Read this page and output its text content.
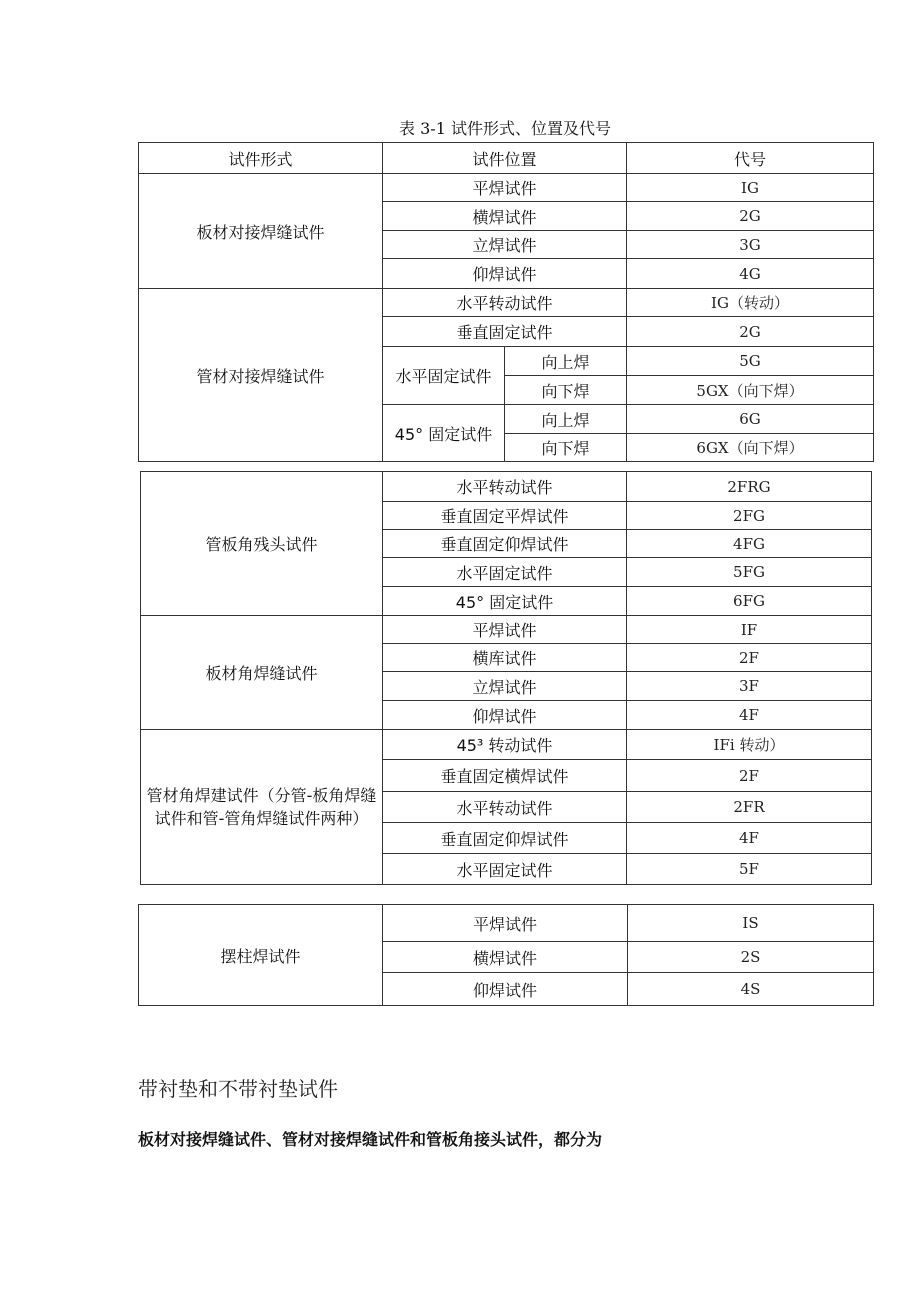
表 3-1 试件形式、位置及代号
试件形式	试件位置		代号
板材对接焊缝试件	平焊试件		IG
	横焊试件		2G
	立焊试件		3G
	仰焊试件		4G
管材对接焊缝试件	水平转动试件		IG（转动）
	垂直固定试件		2G
	水平固定试件	向上焊	5G
		向下焊	5GX（向下焊）
	45° 固定试件	向上焊	6G
		向下焊	6GX（向下焊）
管板角残头试件	水平转动试件	2FRG
	垂直固定平焊试件	2FG
	垂直固定仰焊试件	4FG
	水平固定试件	5FG
	45° 固定试件	6FG
板材角焊缝试件	平焊试件	IF
	横库试件	2F
	立焊试件	3F
	仰焊试件	4F
管材角焊建试件（分管-板角焊缝试件和管-管角焊缝试件两种）	45³ 转动试件	IFi 转动）
	垂直固定横焊试件	2F
	水平转动试件	2FR
	垂直固定仰焊试件	4F
	水平固定试件	5F
摆柱焊试件	平焊试件	IS
	横焊试件	2S
	仰焊试件	4S
带衬垫和不带衬垫试件
板材对接焊缝试件、管材对接焊缝试件和管板角接头试件，都分为
